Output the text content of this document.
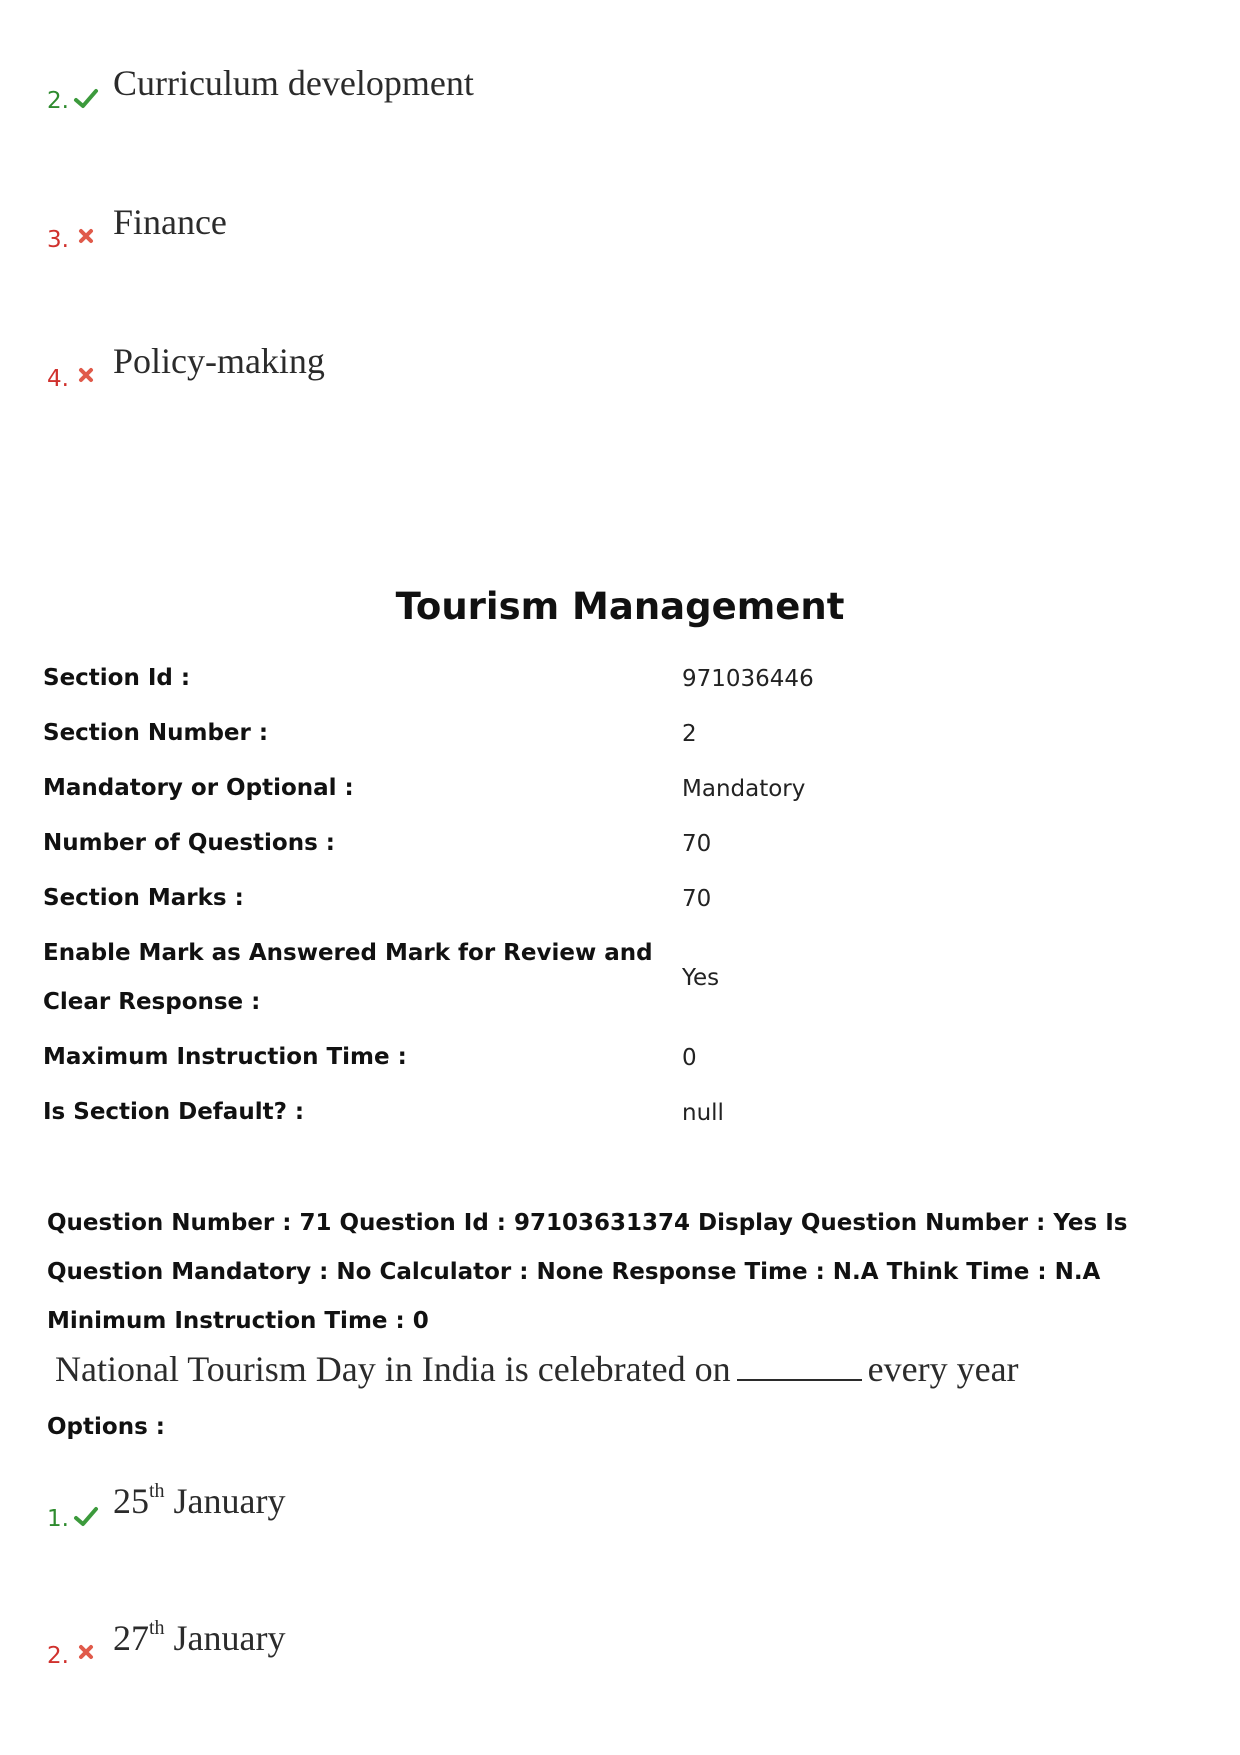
2. Curriculum development
3. Finance
4. Policy-making
Tourism Management
Section Id :	971036446
Section Number :	2
Mandatory or Optional :	Mandatory
Number of Questions :	70
Section Marks :	70
Enable Mark as Answered Mark for Review and Clear Response :	Yes
Maximum Instruction Time :	0
Is Section Default? :	null
Question Number : 71 Question Id : 97103631374 Display Question Number : Yes Is Question Mandatory : No Calculator : None Response Time : N.A Think Time : N.A Minimum Instruction Time : 0
National Tourism Day in India is celebrated on	every year
Options :
1. 25th January
2. 27th January
